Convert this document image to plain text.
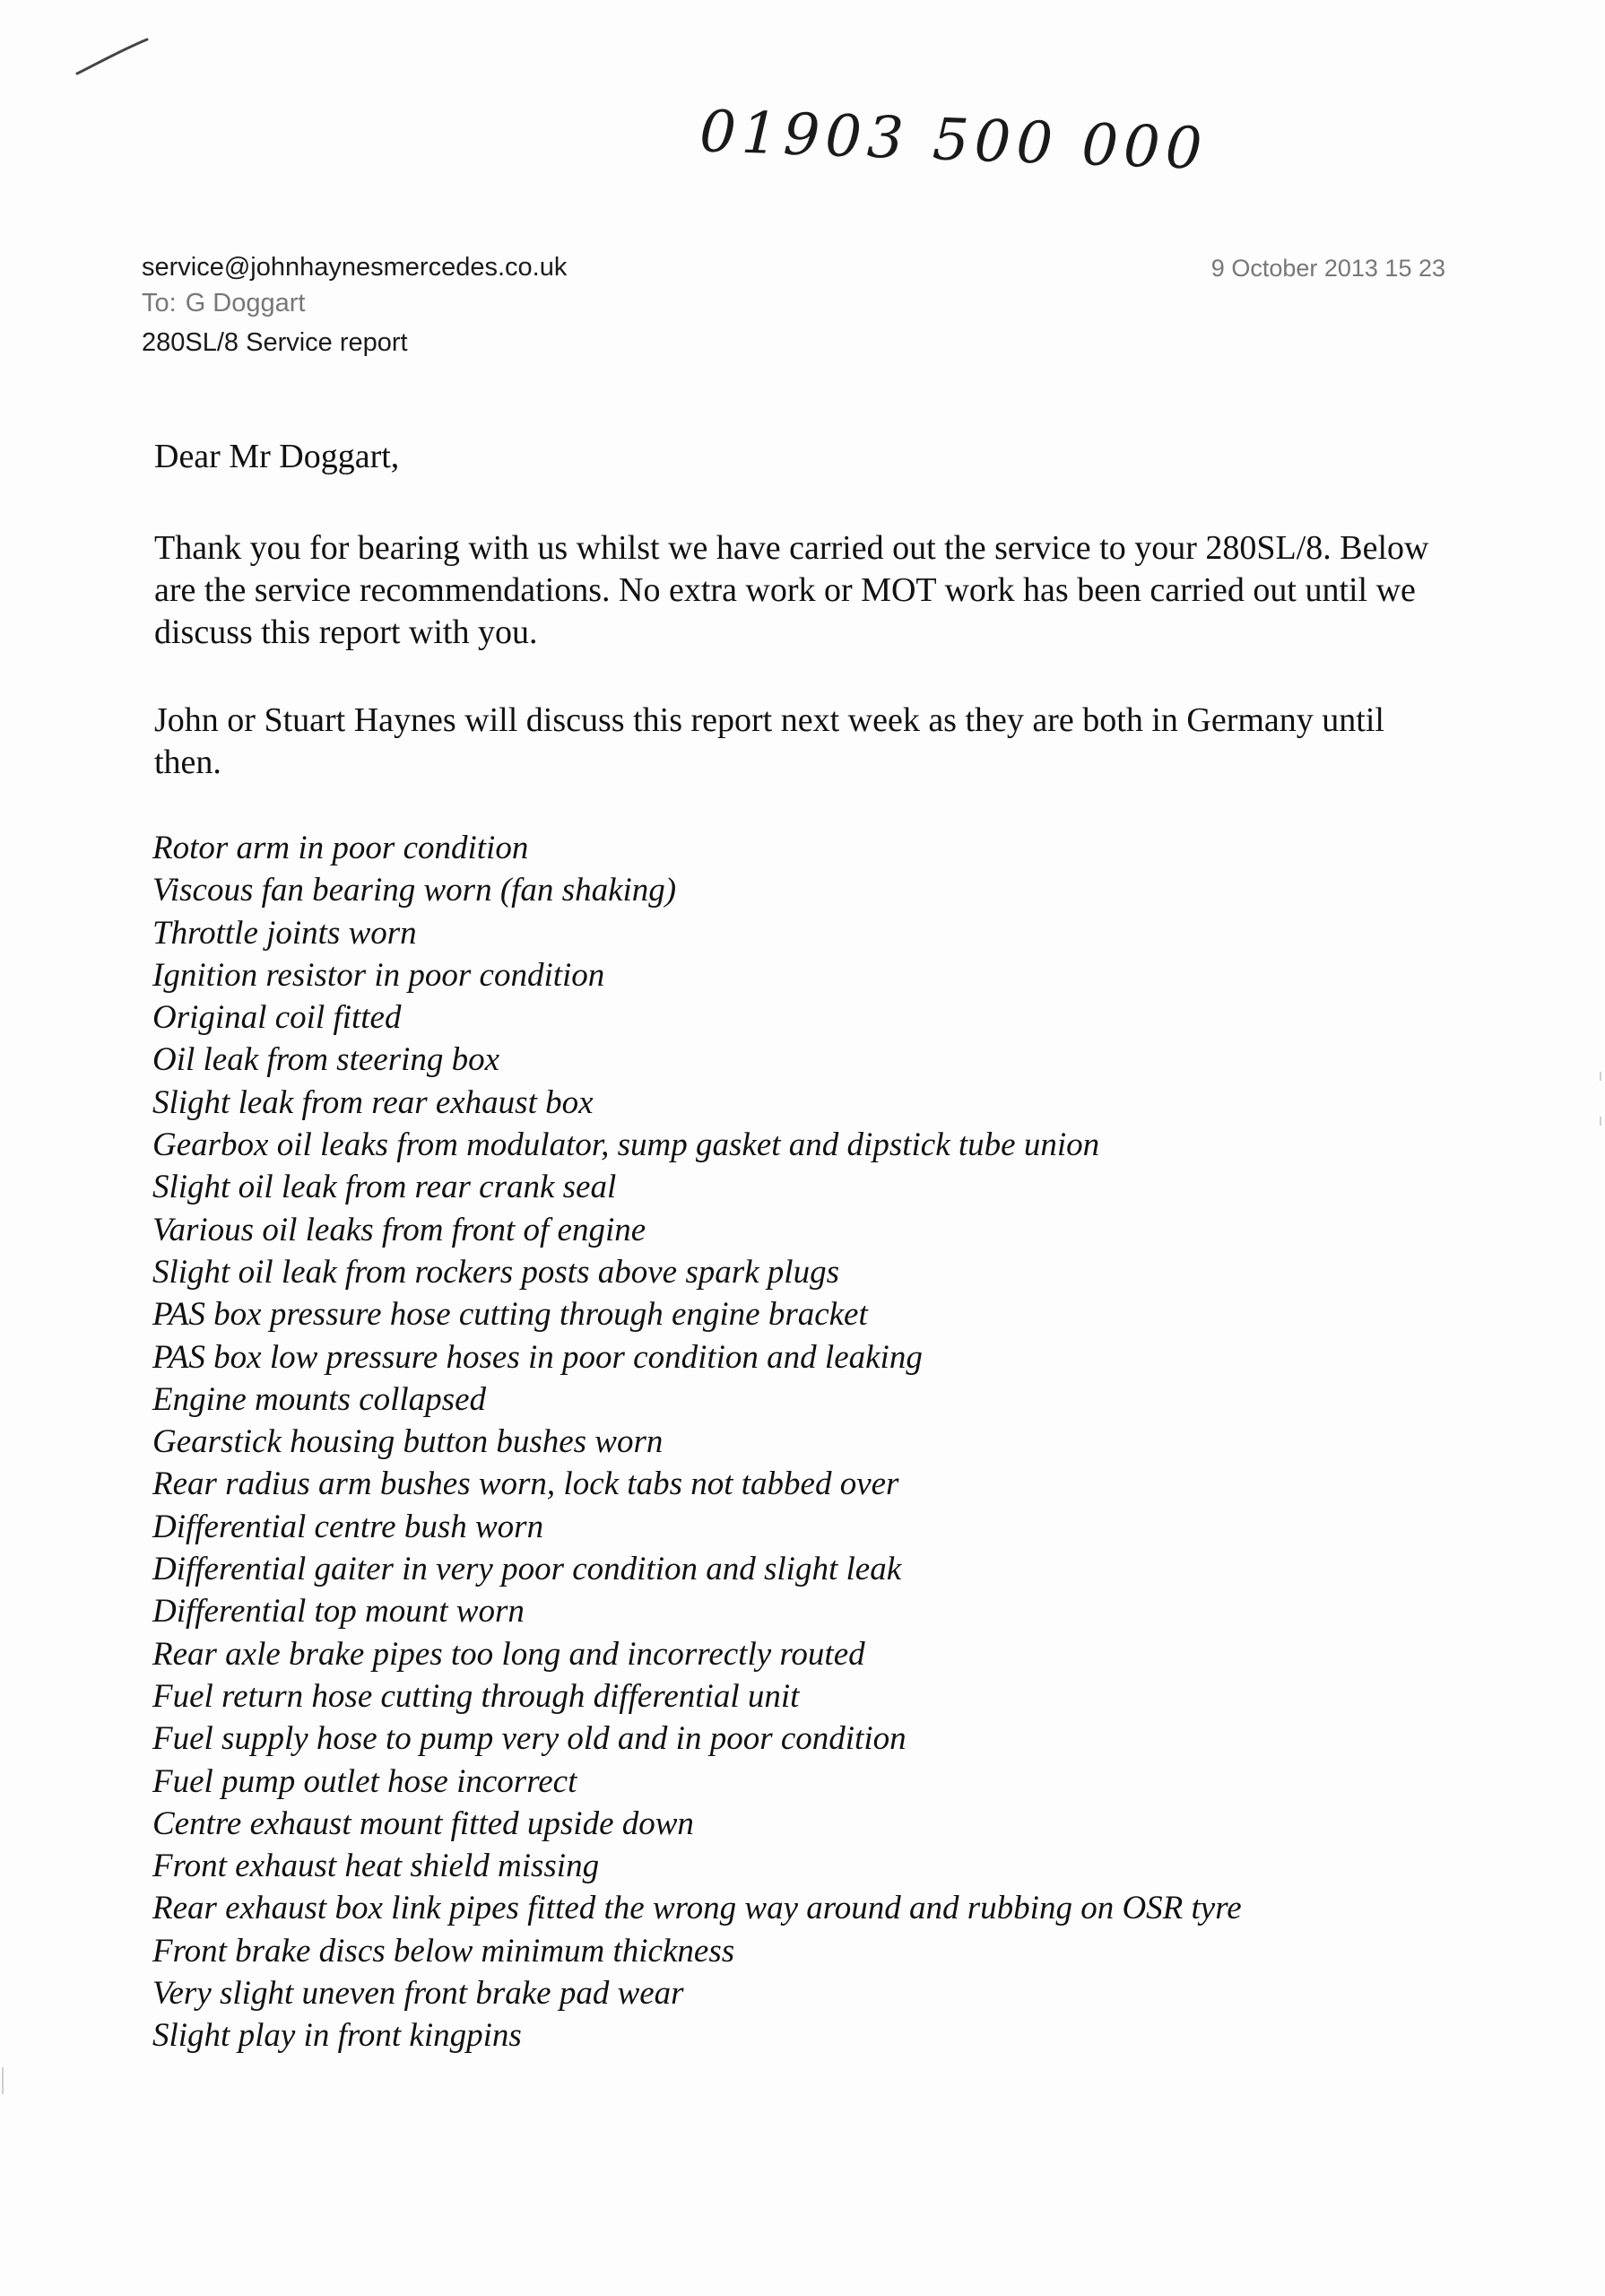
01903 500 000
service@johnhaynesmercedes.co.uk
To: G Doggart
280SL/8 Service report
9 October 2013 15 23

Dear Mr Doggart,

Thank you for bearing with us whilst we have carried out the service to your 280SL/8. Below are the service recommendations. No extra work or MOT work has been carried out until we discuss this report with you.

John or Stuart Haynes will discuss this report next week as they are both in Germany until then.

Rotor arm in poor condition
Viscous fan bearing worn (fan shaking)
Throttle joints worn
Ignition resistor in poor condition
Original coil fitted
Oil leak from steering box
Slight leak from rear exhaust box
Gearbox oil leaks from modulator, sump gasket and dipstick tube union
Slight oil leak from rear crank seal
Various oil leaks from front of engine
Slight oil leak from rockers posts above spark plugs
PAS box pressure hose cutting through engine bracket
PAS box low pressure hoses in poor condition and leaking
Engine mounts collapsed
Gearstick housing button bushes worn
Rear radius arm bushes worn, lock tabs not tabbed over
Differential centre bush worn
Differential gaiter in very poor condition and slight leak
Differential top mount worn
Rear axle brake pipes too long and incorrectly routed
Fuel return hose cutting through differential unit
Fuel supply hose to pump very old and in poor condition
Fuel pump outlet hose incorrect
Centre exhaust mount fitted upside down
Front exhaust heat shield missing
Rear exhaust box link pipes fitted the wrong way around and rubbing on OSR tyre
Front brake discs below minimum thickness
Very slight uneven front brake pad wear
Slight play in front kingpins
